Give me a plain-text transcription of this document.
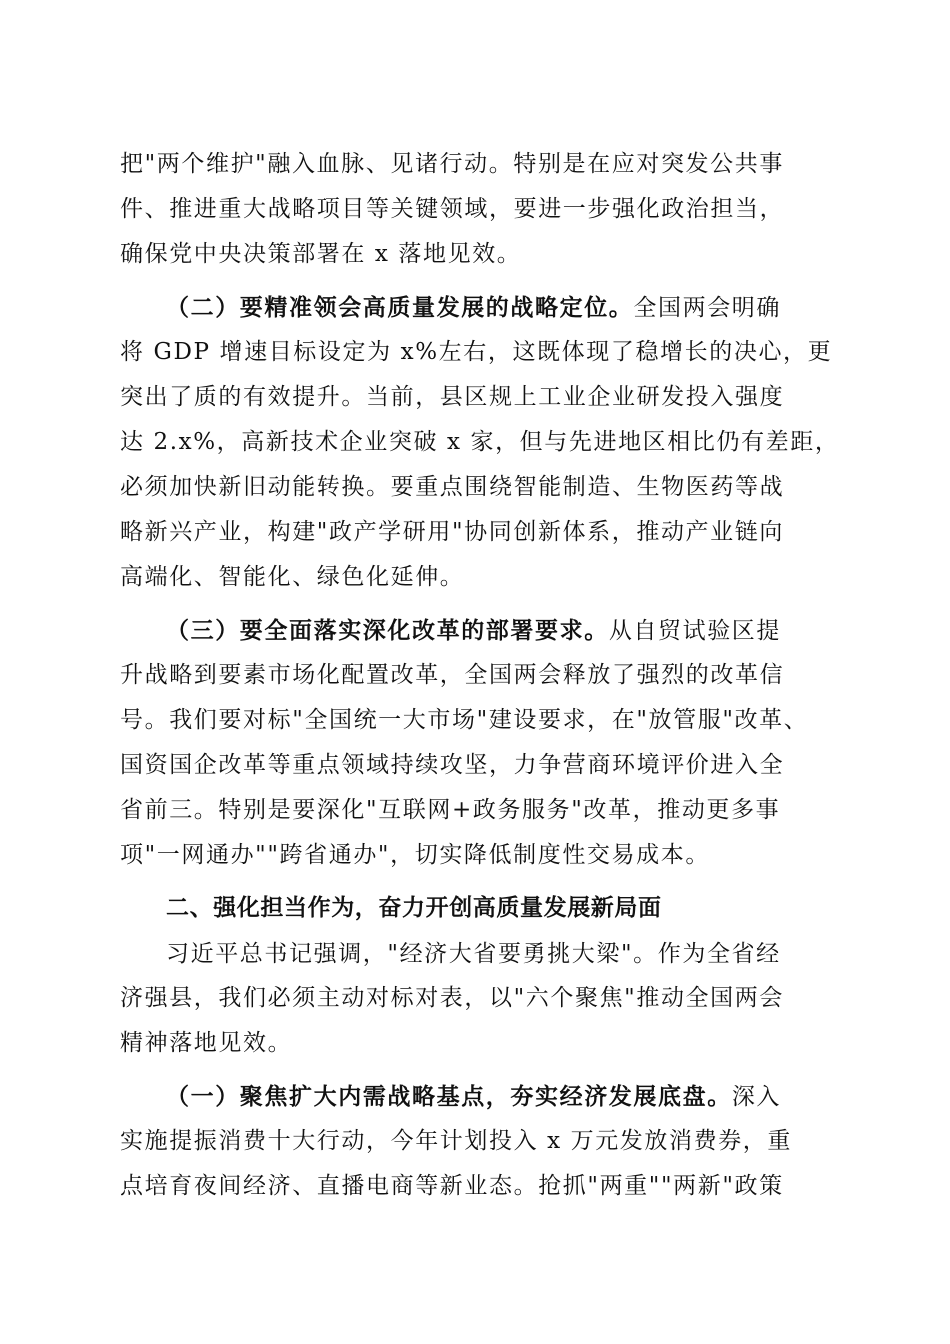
把"两个维护"融入血脉、见诸行动。特别是在应对突发公共事
件、推进重大战略项目等关键领域，要进一步强化政治担当，
确保党中央决策部署在 x 落地见效。
（二）要精准领会高质量发展的战略定位。全国两会明确
将 GDP 增速目标设定为 x%左右，这既体现了稳增长的决心，更
突出了质的有效提升。当前，县区规上工业企业研发投入强度
达 2.x%，高新技术企业突破 x 家，但与先进地区相比仍有差距，
必须加快新旧动能转换。要重点围绕智能制造、生物医药等战
略新兴产业，构建"政产学研用"协同创新体系，推动产业链向
高端化、智能化、绿色化延伸。
（三）要全面落实深化改革的部署要求。从自贸试验区提
升战略到要素市场化配置改革，全国两会释放了强烈的改革信
号。我们要对标"全国统一大市场"建设要求，在"放管服"改革、
国资国企改革等重点领域持续攻坚，力争营商环境评价进入全
省前三。特别是要深化"互联网+政务服务"改革，推动更多事
项"一网通办""跨省通办"，切实降低制度性交易成本。
二、强化担当作为，奋力开创高质量发展新局面
习近平总书记强调，"经济大省要勇挑大梁"。作为全省经
济强县，我们必须主动对标对表，以"六个聚焦"推动全国两会
精神落地见效。
（一）聚焦扩大内需战略基点，夯实经济发展底盘。深入
实施提振消费十大行动，今年计划投入 x 万元发放消费券，重
点培育夜间经济、直播电商等新业态。抢抓"两重""两新"政策
